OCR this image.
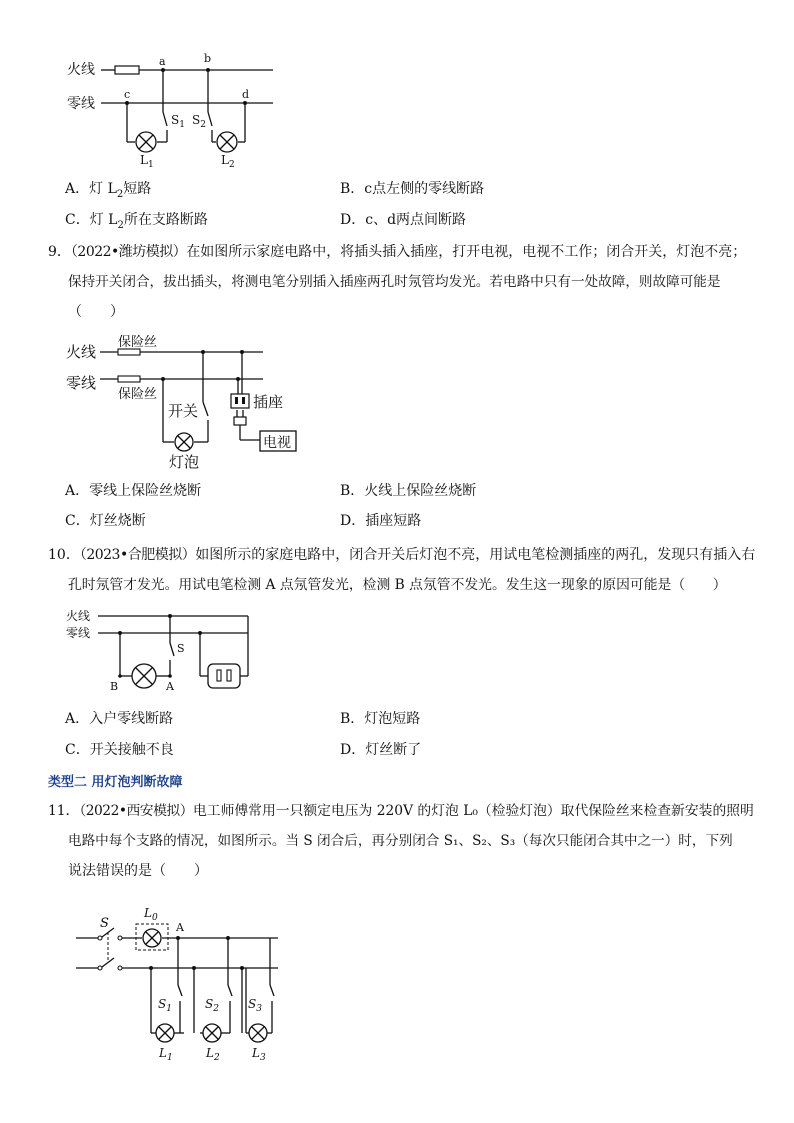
火线
零线
a	b
c	d
$S_1$
$L_1$
$S_2$
$L_2$
A．灯 $L_2$短路	B．c点左侧的零线断路
C．灯 $L_2$所在支路断路	D．c、d两点间断路
9．（2022•潍坊模拟）在如图所示家庭电路中，将插头插入插座，打开电视，电视不工作；闭合开关，灯泡不亮；
保持开关闭合，拔出插头，将测电笔分别插入插座两孔时氖管均发光。若电路中只有一处故障，则故障可能是
（　　）
火线
零线
保险丝
保险丝
开关
灯泡
插座
电视
A．零线上保险丝烧断	B．火线上保险丝烧断
C．灯丝烧断	D．插座短路
10．（2023•合肥模拟）如图所示的家庭电路中，闭合开关后灯泡不亮，用试电笔检测插座的两孔，发现只有插入右
孔时氖管才发光。用试电笔检测 A 点氖管发光，检测 B 点氖管不发光。发生这一现象的原因可能是（　　）
火线
零线
S
B	A
A．入户零线断路	B．灯泡短路
C．开关接触不良	D．灯丝断了
类型二 用灯泡判断故障
11．（2022•西安模拟）电工师傅常用一只额定电压为 220V 的灯泡 L₀（检验灯泡）取代保险丝来检查新安装的照明
电路中每个支路的情况，如图所示。当 S 闭合后，再分别闭合 S₁、S₂、S₃（每次只能闭合其中之一）时，下列
说法错误的是（　　）
S
$L_0$
A
$S_1$	$S_2$ $S_3$
$L_1$	$L_2$	$L_3$
